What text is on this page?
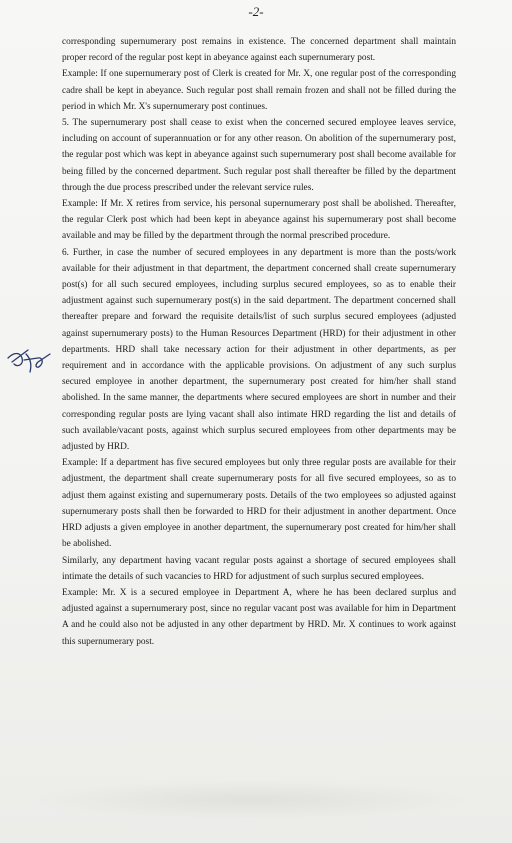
-2-

corresponding supernumerary post remains in existence. The concerned department shall maintain proper record of the regular post kept in abeyance against each supernumerary post.

Example: If one supernumerary post of Clerk is created for Mr. X, one regular post of the corresponding cadre shall be kept in abeyance. Such regular post shall remain frozen and shall not be filled during the period in which Mr. X's supernumerary post continues.

5. The supernumerary post shall cease to exist when the concerned secured employee leaves service, including on account of superannuation or for any other reason. On abolition of the supernumerary post, the regular post which was kept in abeyance against such supernumerary post shall become available for being filled by the concerned department. Such regular post shall thereafter be filled by the department through the due process prescribed under the relevant service rules.

Example: If Mr. X retires from service, his personal supernumerary post shall be abolished. Thereafter, the regular Clerk post which had been kept in abeyance against his supernumerary post shall become available and may be filled by the department through the normal prescribed procedure.

6. Further, in case the number of secured employees in any department is more than the posts/work available for their adjustment in that department, the department concerned shall create supernumerary post(s) for all such secured employees, including surplus secured employees, so as to enable their adjustment against such supernumerary post(s) in the said department. The department concerned shall thereafter prepare and forward the requisite details/list of such surplus secured employees (adjusted against supernumerary posts) to the Human Resources Department (HRD) for their adjustment in other departments. HRD shall take necessary action for their adjustment in other departments, as per requirement and in accordance with the applicable provisions. On adjustment of any such surplus secured employee in another department, the supernumerary post created for him/her shall stand abolished. In the same manner, the departments where secured employees are short in number and their corresponding regular posts are lying vacant shall also intimate HRD regarding the list and details of such available/vacant posts, against which surplus secured employees from other departments may be adjusted by HRD.

Example: If a department has five secured employees but only three regular posts are available for their adjustment, the department shall create supernumerary posts for all five secured employees, so as to adjust them against existing and supernumerary posts. Details of the two employees so adjusted against supernumerary posts shall then be forwarded to HRD for their adjustment in another department. Once HRD adjusts a given employee in another department, the supernumerary post created for him/her shall be abolished.

Similarly, any department having vacant regular posts against a shortage of secured employees shall intimate the details of such vacancies to HRD for adjustment of such surplus secured employees.

Example: Mr. X is a secured employee in Department A, where he has been declared surplus and adjusted against a supernumerary post, since no regular vacant post was available for him in Department A and he could also not be adjusted in any other department by HRD. Mr. X continues to work against this supernumerary post.
